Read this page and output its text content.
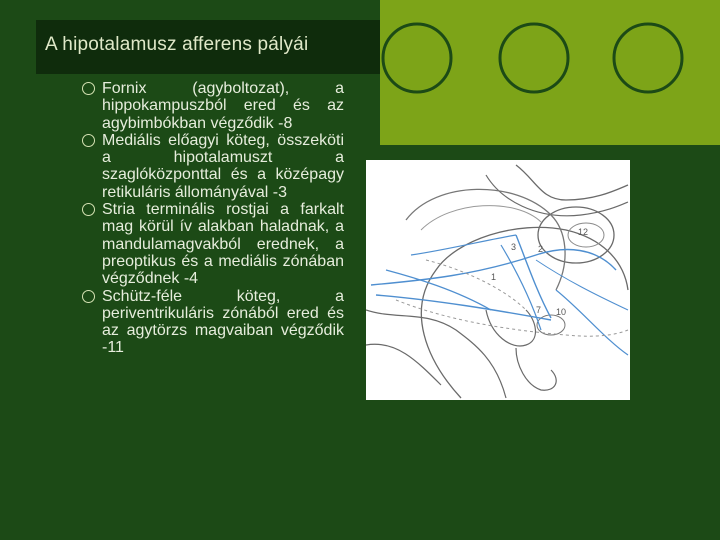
A hipotalamusz afferens pályái
Fornix (agyboltozat), a hippokampuszból ered és az agybimbókban végződik -8
Mediális előagyi köteg, összeköti a hipotalamuszt a szaglóközponttal és a középagy retikuláris állományával -3
Stria terminális rostjai a farkalt mag körül ív alakban haladnak, a mandulamagvakból erednek, a preoptikus és a mediális zónában végződnek -4
Schütz-féle köteg, a periventrikuláris zónából ered és az agytörzs magvaiban végződik -11
12
2
3
1
7 10
